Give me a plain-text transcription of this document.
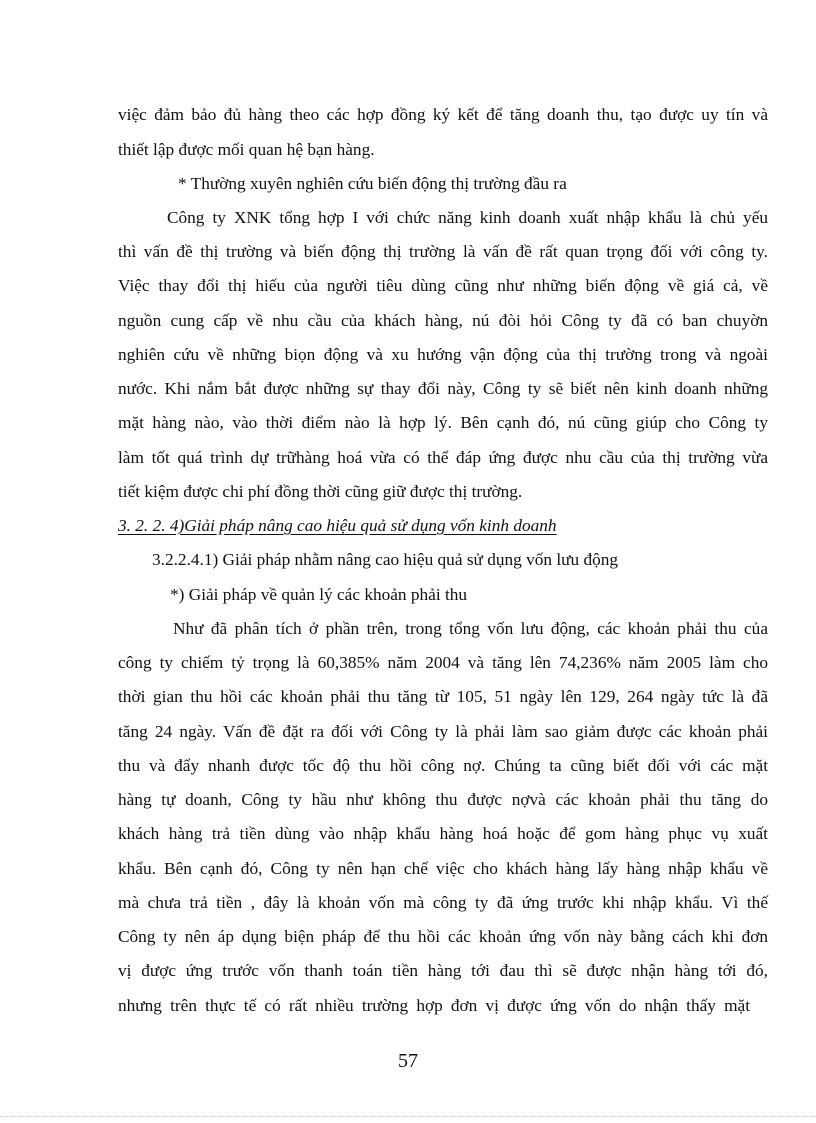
việc đảm bảo đủ hàng theo các hợp đồng ký kết để tăng doanh thu, tạo được uy tín và
thiết lập được mối quan hệ bạn hàng.
* Thường xuyên nghiên cứu biến động thị trường đầu ra
Công ty XNK tổng hợp I với chức năng kinh doanh xuất nhập khẩu là chủ yếu
thì vấn đề thị trường và biến động thị trường là vấn đề rất quan trọng đối với công ty.
Việc thay đổi thị hiếu của người tiêu dùng cũng như những biến động về giá cả, về
nguồn cung cấp về nhu cầu của khách hàng, nú đòi hỏi Công ty đã có ban chuyờn
nghiên cứu về những biọn động và xu hướng vận động của thị trường trong và ngoài
nước. Khi nắm bắt được những sự thay đổi này, Công ty sẽ biết nên kinh doanh những
mặt hàng nào, vào thời điểm nào là hợp lý. Bên cạnh đó, nú cũng giúp cho Công ty
làm tốt quá trình dự trữhàng hoá vừa có thể đáp ứng được nhu cầu của thị trường vừa
tiết kiệm được chi phí đồng thời cũng giữ được thị trường.
3. 2. 2. 4)Giải pháp nâng cao hiệu quả sử dụng vốn kinh doanh
3.2.2.4.1) Giải pháp nhằm nâng cao hiệu quả sử dụng vốn lưu động
*) Giải pháp về quản lý các khoản phải thu
Như đã phân tích ở phần trên, trong tổng vốn lưu động, các khoản phải thu của
công ty chiếm tỷ trọng là 60,385% năm 2004 và tăng lên 74,236% năm 2005 làm cho
thời gian thu hồi các khoản phải thu tăng từ 105, 51 ngày lên 129, 264 ngày tức là đã
tăng 24 ngày. Vấn đề đặt ra đối với Công ty là phải làm sao giảm được các khoản phải
thu và đẩy nhanh được tốc độ thu hồi công nợ. Chúng ta cũng biết đối với các mặt
hàng tự doanh, Công ty hầu như không thu được nợvà các khoản phải thu tăng do
khách hàng trả tiền dùng vào nhập khẩu hàng hoá hoặc để gom hàng phục vụ xuất
khẩu. Bên cạnh đó, Công ty nên hạn chế việc cho khách hàng lấy hàng nhập khẩu về
mà chưa trả tiền , đây là khoản vốn mà công ty đã ứng trước khi nhập khẩu. Vì thế
Công ty nên áp dụng biện pháp để thu hồi các khoản ứng vốn này bằng cách khi đơn
vị được ứng trước vốn thanh toán tiền hàng tới đau thì sẽ được nhận hàng tới đó,
nhưng trên thực tế có rất nhiều trường hợp đơn vị được ứng vốn do nhận thấy mặt
57
